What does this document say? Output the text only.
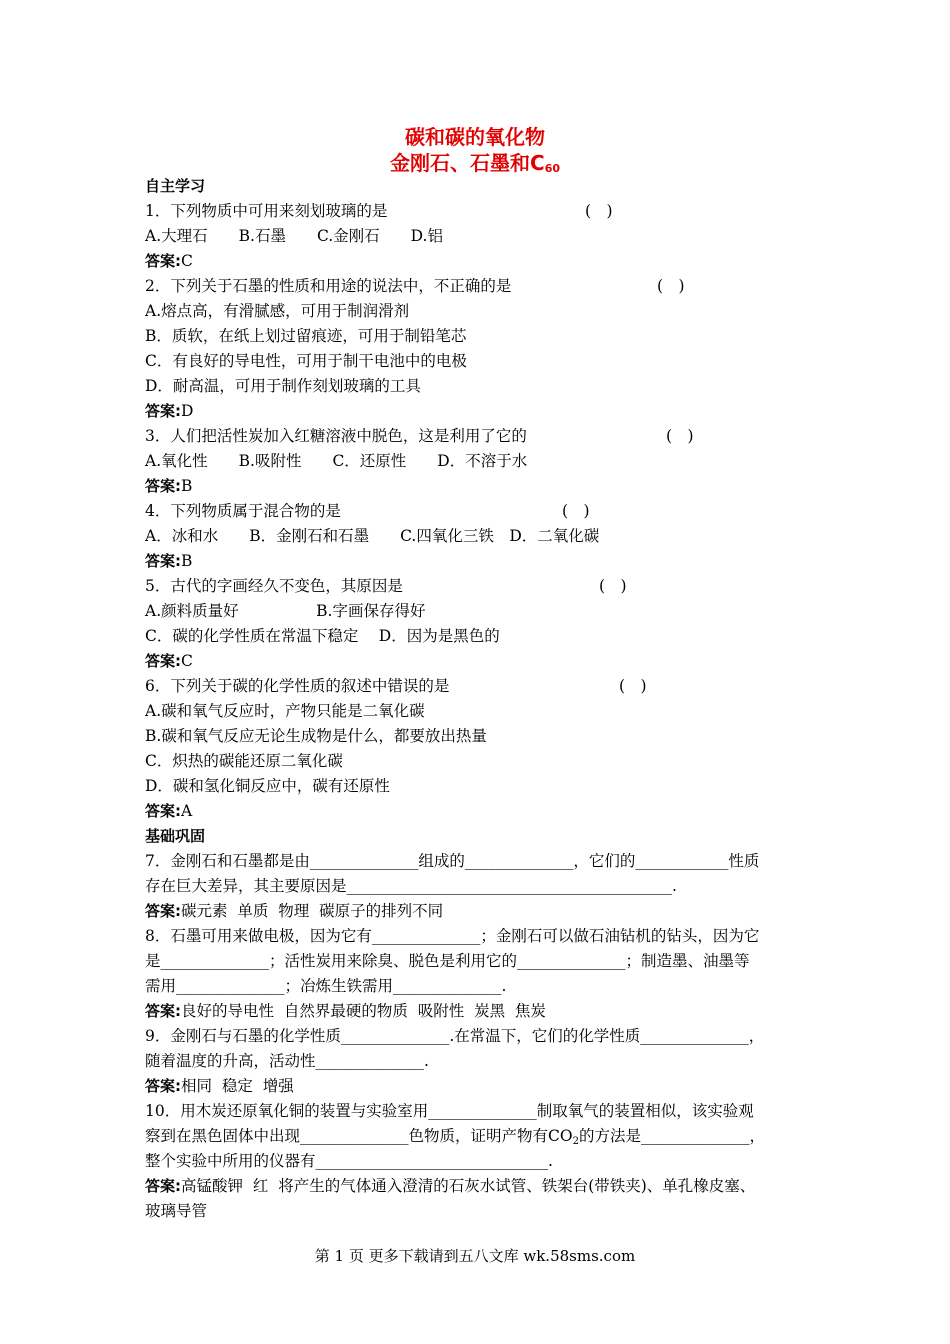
碳和碳的氧化物
金刚石、石墨和$C_{60}$
自主学习
1．下列物质中可用来刻划玻璃的是	(　)
A.大理石　　B.石墨　　C.金刚石　　D.铝
答案:C
2．下列关于石墨的性质和用途的说法中，不正确的是	(　)
A.熔点高，有滑腻感，可用于制润滑剂
B．质软，在纸上划过留痕迹，可用于制铅笔芯
C．有良好的导电性，可用于制干电池中的电极
D．耐高温，可用于制作刻划玻璃的工具
答案:D
3．人们把活性炭加入红糖溶液中脱色，这是利用了它的	(　)
A.氧化性　　B.吸附性　　C．还原性　　D．不溶于水
答案:B
4．下列物质属于混合物的是	(　)
A．冰和水　　B．金刚石和石墨　　C.四氧化三铁　D．二氧化碳
答案:B
5．古代的字画经久不变色，其原因是	(　)
A.颜料质量好　　　　　B.字画保存得好
C．碳的化学性质在常温下稳定　 D．因为是黑色的
答案:C
6．下列关于碳的化学性质的叙述中错误的是	(　)
A.碳和氧气反应时，产物只能是二氧化碳
B.碳和氧气反应无论生成物是什么，都要放出热量
C．炽热的碳能还原二氧化碳
D．碳和氢化铜反应中，碳有还原性
答案:A
基础巩固
7．金刚石和石墨都是由______________组成的______________，它们的____________性质
存在巨大差异，其主要原因是__________________________________________.
答案:碳元素  单质  物理  碳原子的排列不同
8．石墨可用来做电极，因为它有______________；金刚石可以做石油钻机的钻头，因为它
是______________；活性炭用来除臭、脱色是利用它的______________；制造墨、油墨等
需用______________；冶炼生铁需用______________.
答案:良好的导电性  自然界最硬的物质  吸附性  炭黑  焦炭
9．金刚石与石墨的化学性质______________.在常温下，它们的化学性质______________，
随着温度的升高，活动性______________.
答案:相同  稳定  增强
10．用木炭还原氧化铜的装置与实验室用______________制取氧气的装置相似，该实验观
察到在黑色固体中出现______________色物质，证明产物有CO2的方法是______________，
整个实验中所用的仪器有______________________________.
答案:高锰酸钾  红  将产生的气体通入澄清的石灰水试管、铁架台(带铁夹)、单孔橡皮塞、
玻璃导管
第 1 页 更多下载请到五八文库 wk.58sms.com
